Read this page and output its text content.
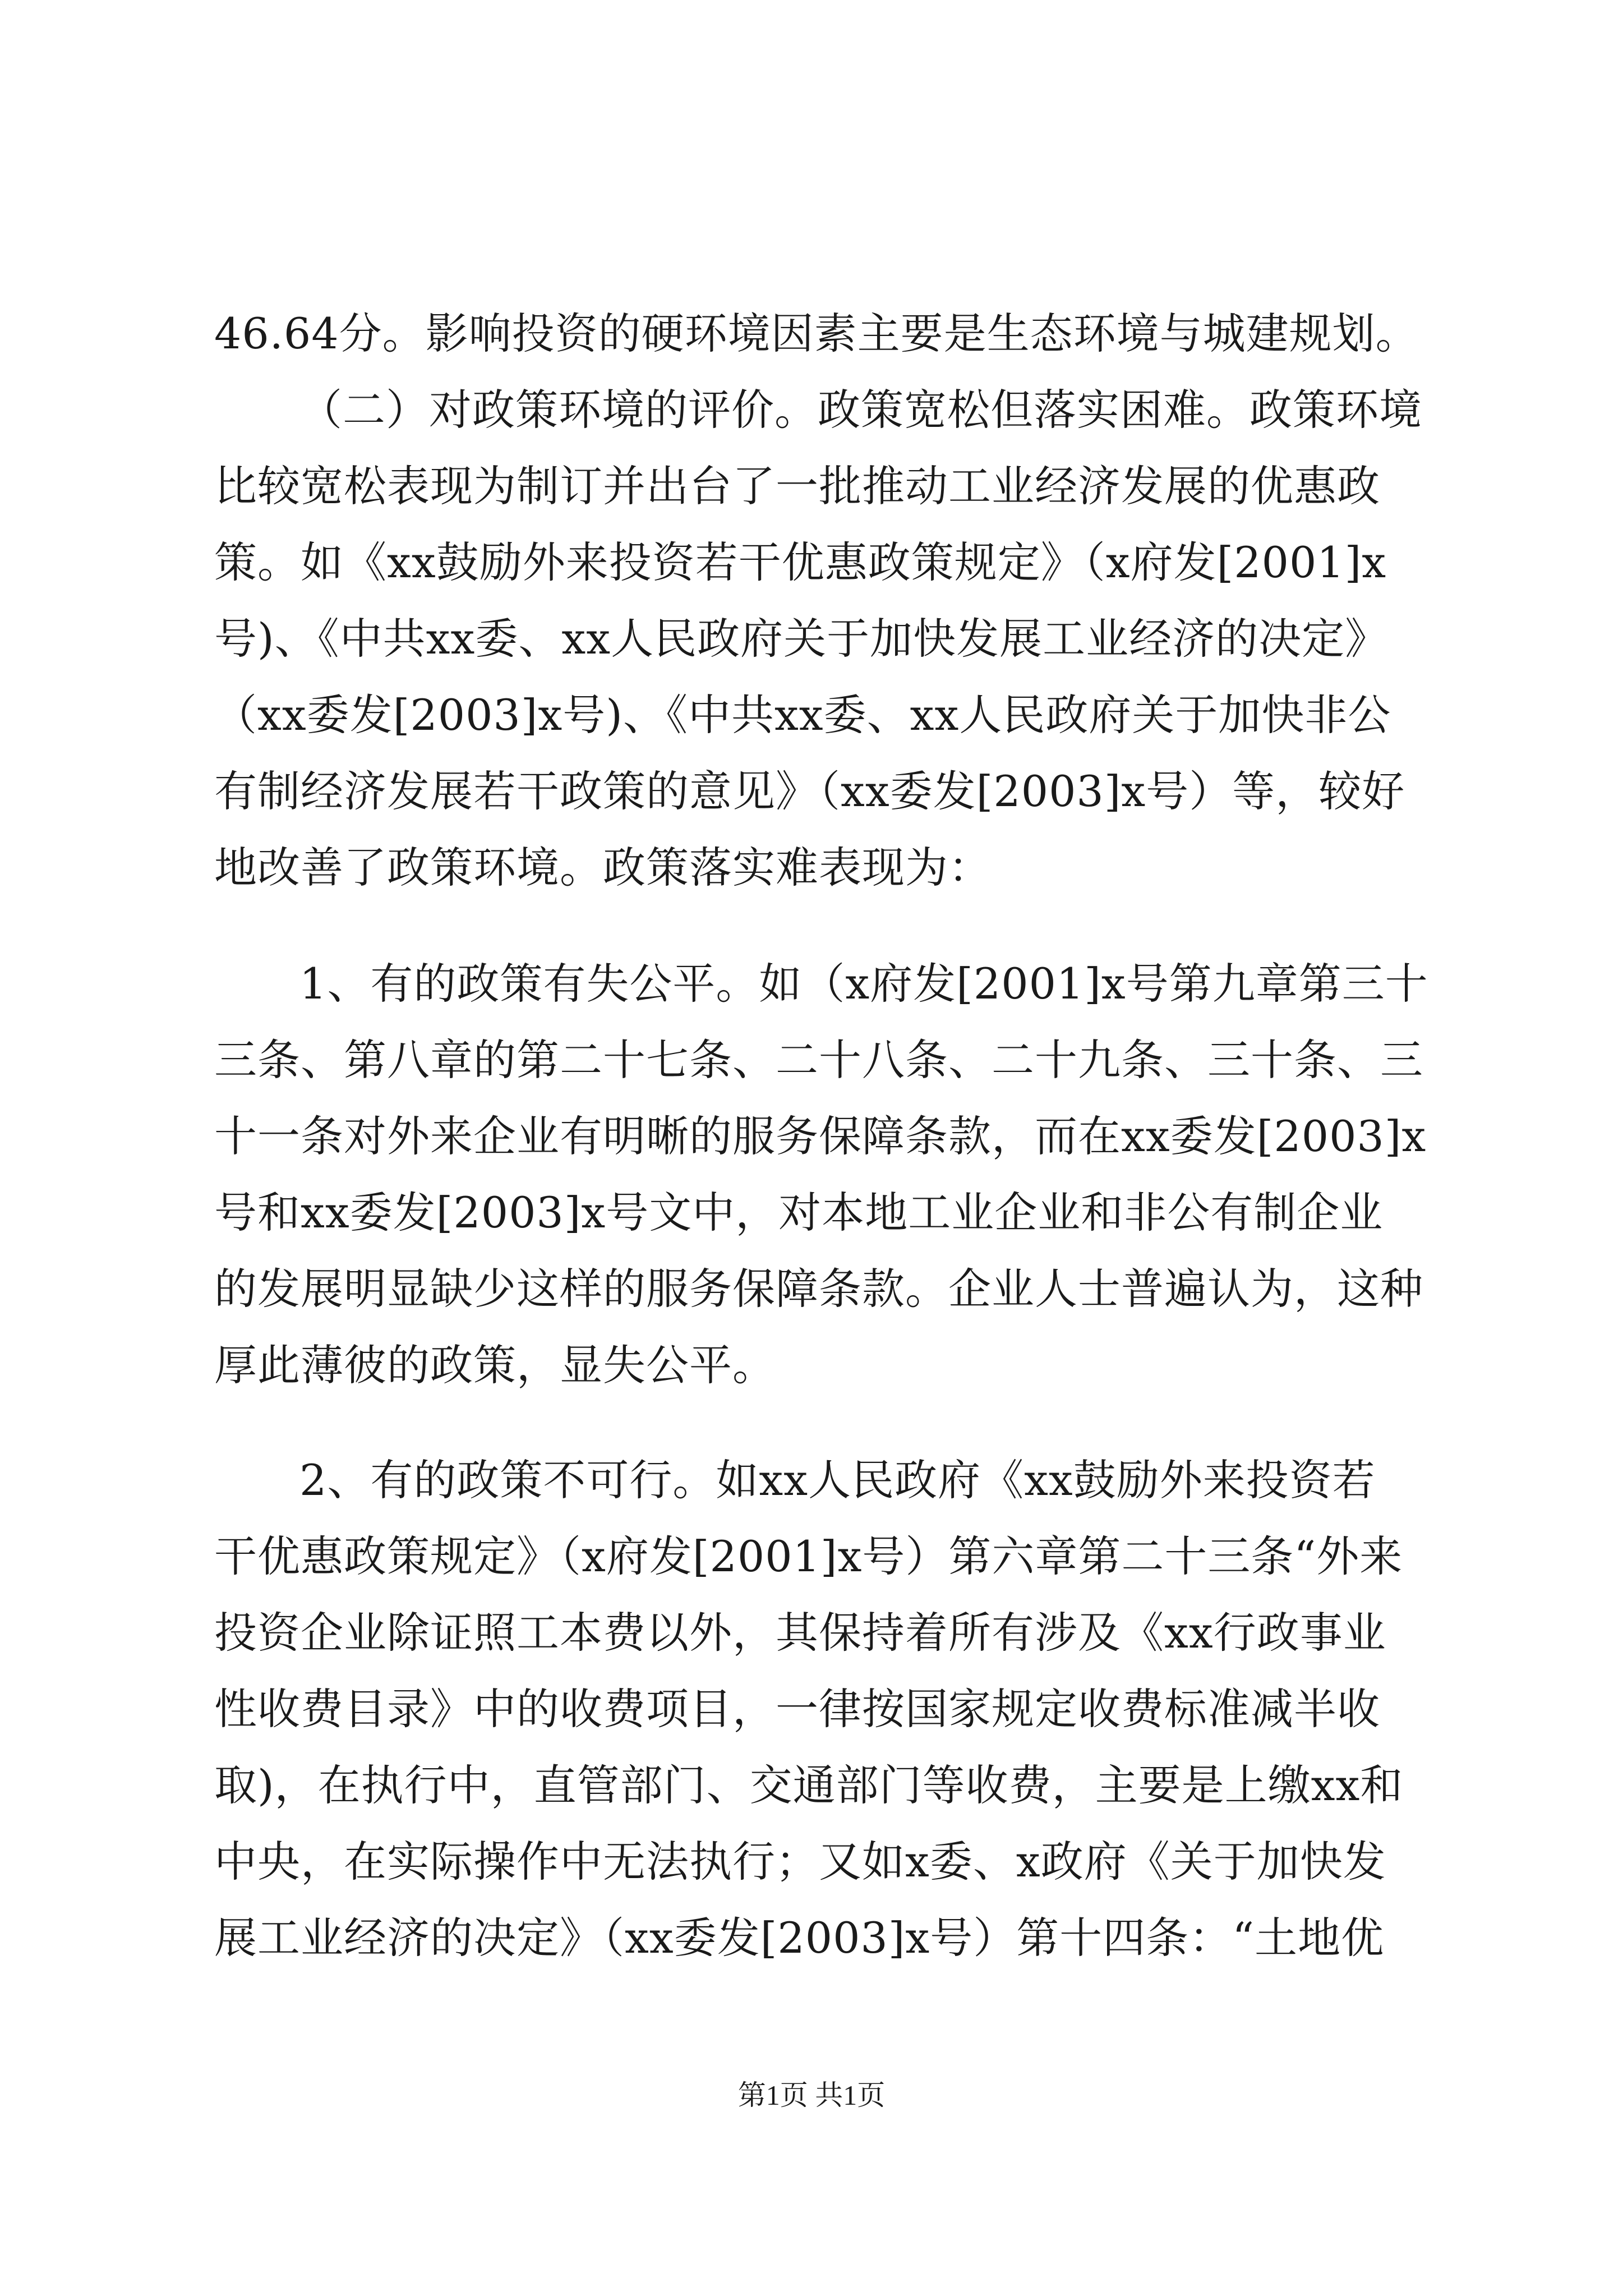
46.64分。影响投资的硬环境因素主要是生态环境与城建规划。
（二）对政策环境的评价。政策宽松但落实困难。政策环境
比较宽松表现为制订并出台了一批推动工业经济发展的优惠政
策。如《xx鼓励外来投资若干优惠政策规定》（x府发[2001]x
号)、《中共xx委、xx人民政府关于加快发展工业经济的决定》
（xx委发[2003]x号)、《中共xx委、xx人民政府关于加快非公
有制经济发展若干政策的意见》（xx委发[2003]x号）等，较好
地改善了政策环境。政策落实难表现为：
1、有的政策有失公平。如（x府发[2001]x号第九章第三十
三条、第八章的第二十七条、二十八条、二十九条、三十条、三
十一条对外来企业有明晰的服务保障条款，而在xx委发[2003]x
号和xx委发[2003]x号文中，对本地工业企业和非公有制企业
的发展明显缺少这样的服务保障条款。企业人士普遍认为，这种
厚此薄彼的政策，显失公平。
2、有的政策不可行。如xx人民政府《xx鼓励外来投资若
干优惠政策规定》（x府发[2001]x号）第六章第二十三条“外来
投资企业除证照工本费以外，其保持着所有涉及《xx行政事业
性收费目录》中的收费项目，一律按国家规定收费标准减半收
取)，在执行中，直管部门、交通部门等收费，主要是上缴xx和
中央，在实际操作中无法执行；又如x委、x政府《关于加快发
展工业经济的决定》（xx委发[2003]x号）第十四条：“土地优
第1页 共1页
